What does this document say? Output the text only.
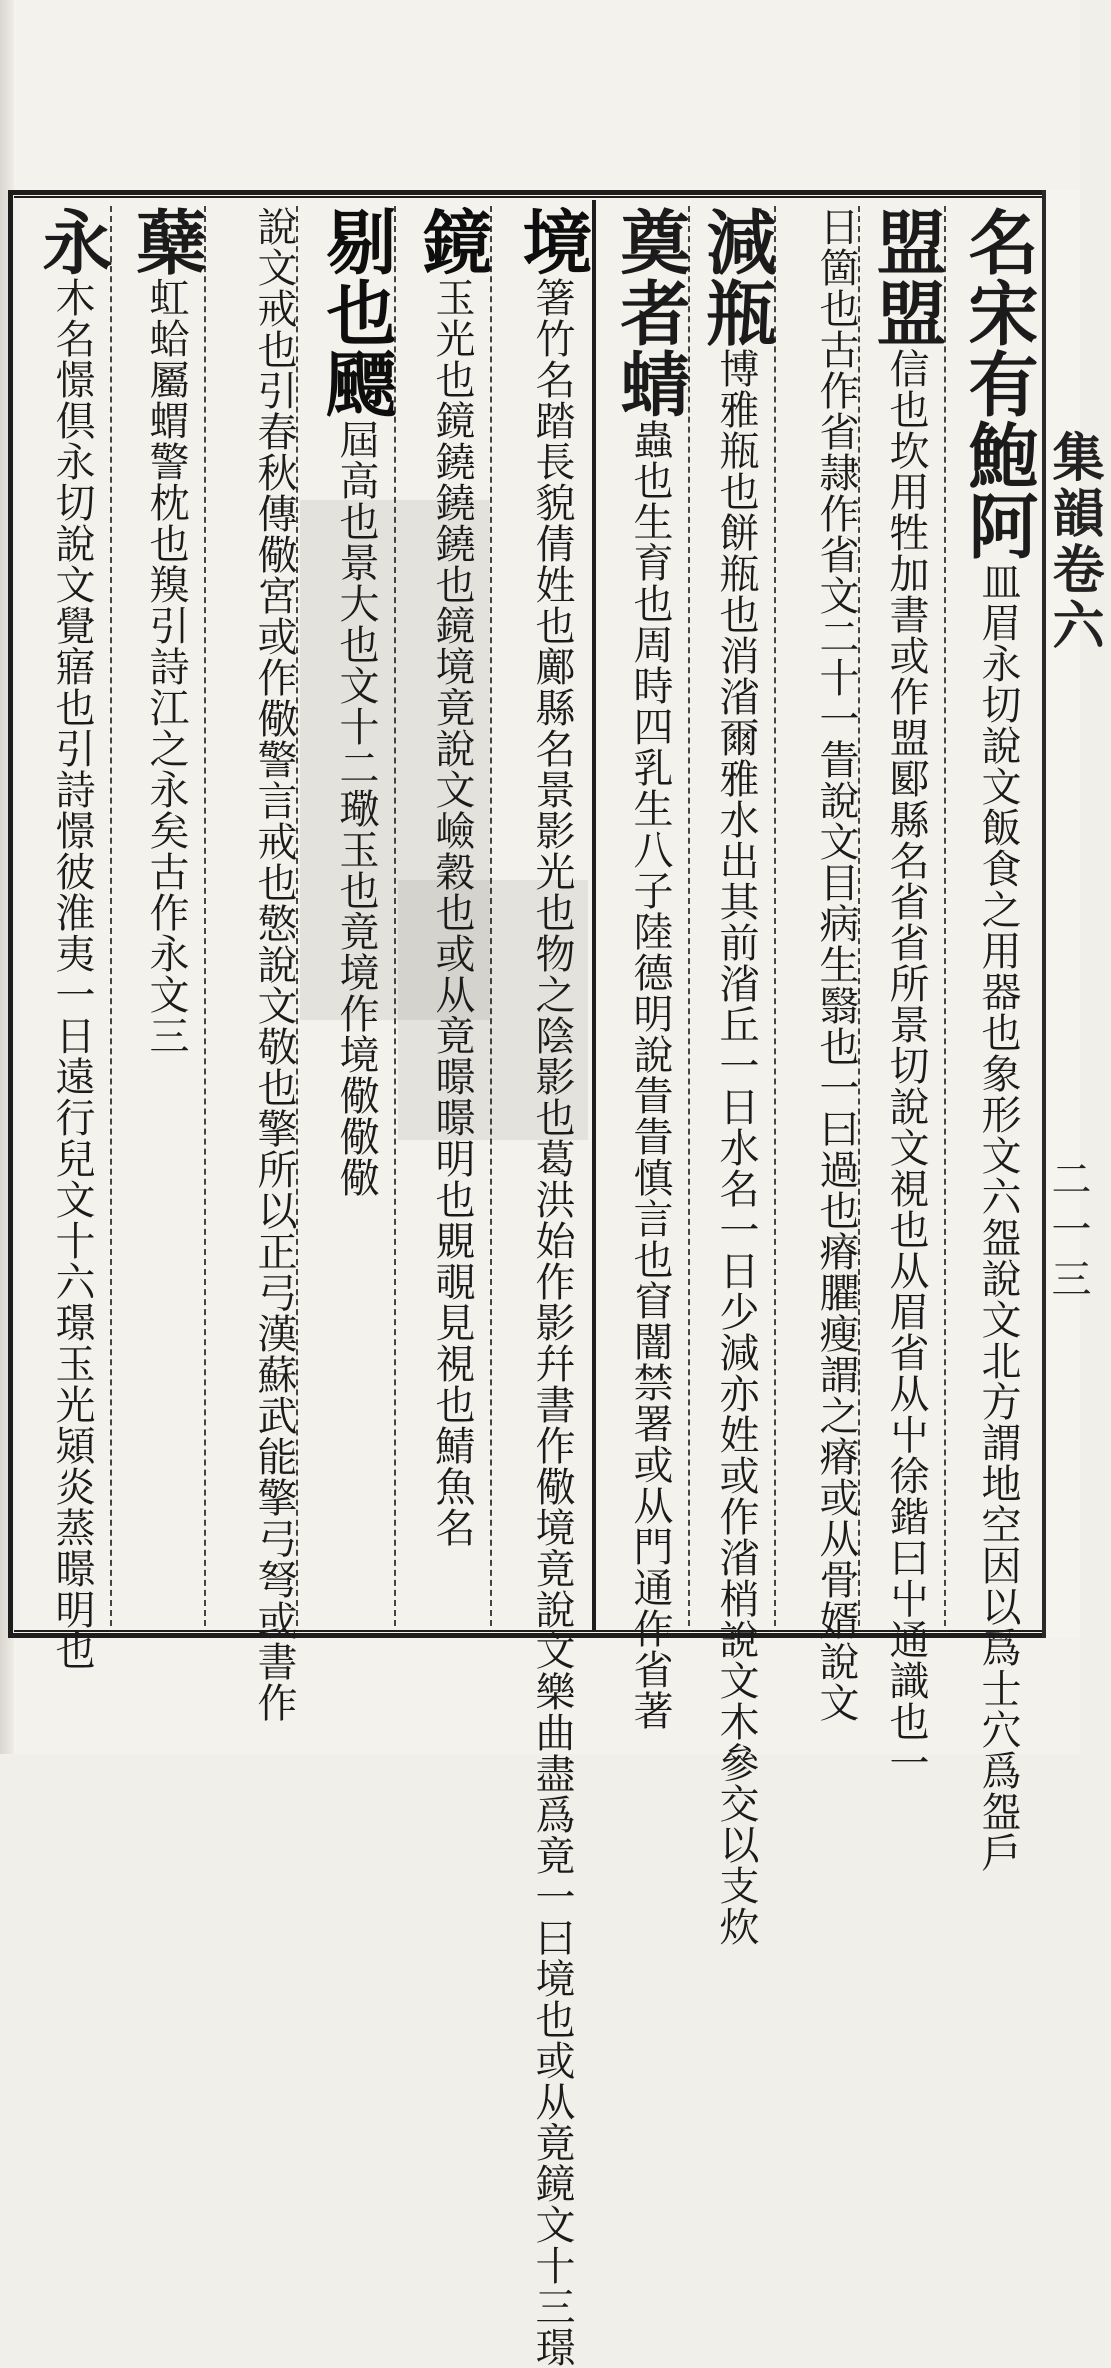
集韻卷六
二一三
名宋有鮑阿皿眉永切說文飯食之用器也象形文六盌說文北方謂地空因以爲士穴爲盌戶
盟盟信也坎用牲加書或作盟郾縣名省省所景切說文視也从眉省从屮徐鍇曰屮通識也一
日箇也古作省隷作省文二十一眚說文目病生翳也一曰過也瘠臞瘦謂之瘠或从骨婿說文
減瓶博雅瓶也餅瓶也消渻爾雅水出其前渻丘一日水名一日少減亦姓或作渻梢說文木參交以支炊
奠者蜻蟲也生育也周時四乳生八子陸德明說眚眚慎言也窅闇禁署或从門通作省著
境箸竹名踏長貌倩姓也鄺縣名景影光也物之陰影也葛洪始作影幷書作儆境竟說文樂曲盡爲竟一曰境也或从竟鏡文十三璟
鏡玉光也鏡鐃鐃鐃也鏡境竟說文嶮穀也或从竟暻暻明也覞覗見視也鯖魚名
剔也飃屆高也景大也文十二璥玉也竟境作境儆儆儆
說文戒也引春秋傳儆宮或作儆警言戒也憼說文敬也擎所以正弓漢蘇武能擎弓弩或書作
蘖虹蛤屬蝟警枕也䍹引詩江之永矣古作永文三
永木名憬倶永切說文覺寤也引詩憬彼淮夷一日遠行兒文十六璟玉光熲炎蒸暻明也
